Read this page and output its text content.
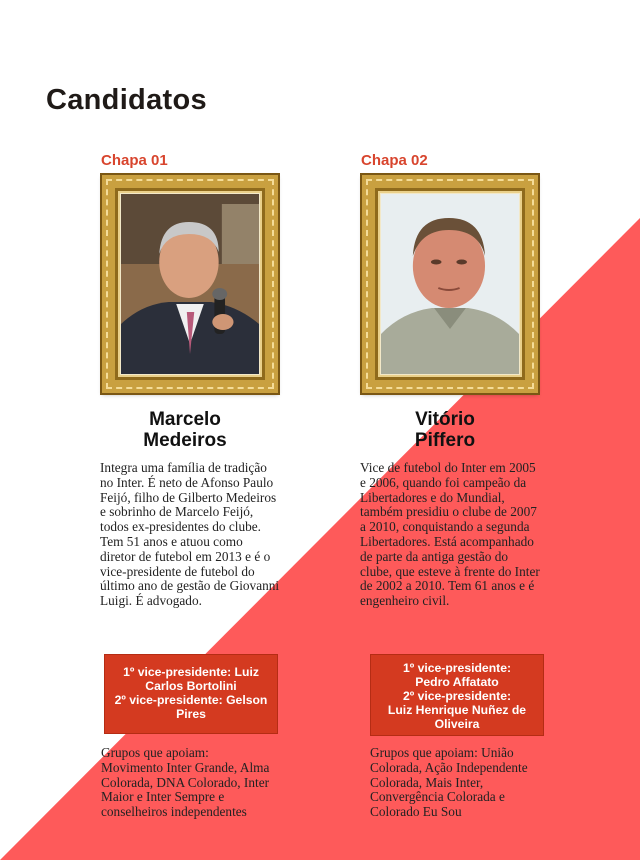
Candidatos
Chapa 01
Marcelo
Medeiros
Integra uma família de tradição no Inter. É neto de Afonso Paulo Feijó, filho de Gilberto Medeiros e sobrinho de Marcelo Feijó, todos ex-presidentes do clube. Tem 51 anos e atuou como diretor de futebol em 2013 e é o vice-presidente de futebol do último ano de gestão de Giovanni Luigi. É advogado.
Chapa 02
Vitório
Piffero
Vice de futebol do Inter em 2005 e 2006, quando foi campeão da Libertadores e do Mundial, também presidiu o clube de 2007 a 2010, conquistando a segunda Libertadores. Está acompanhado de parte da antiga gestão do clube, que esteve à frente do Inter de 2002 a 2010. Tem 61 anos e é engenheiro civil.
1º vice-presidente: Luiz Carlos Bortolini
2º vice-presidente: Gelson Pires
1º vice-presidente:
Pedro Affatato
2º vice-presidente:
Luiz Henrique Nuñez de Oliveira
Grupos que apoiam: Movimento Inter Grande, Alma Colorada, DNA Colorado, Inter Maior e Inter Sempre e conselheiros independentes
Grupos que apoiam: União Colorada, Ação Independente Colorada, Mais Inter, Convergência Colorada e Colorado Eu Sou
